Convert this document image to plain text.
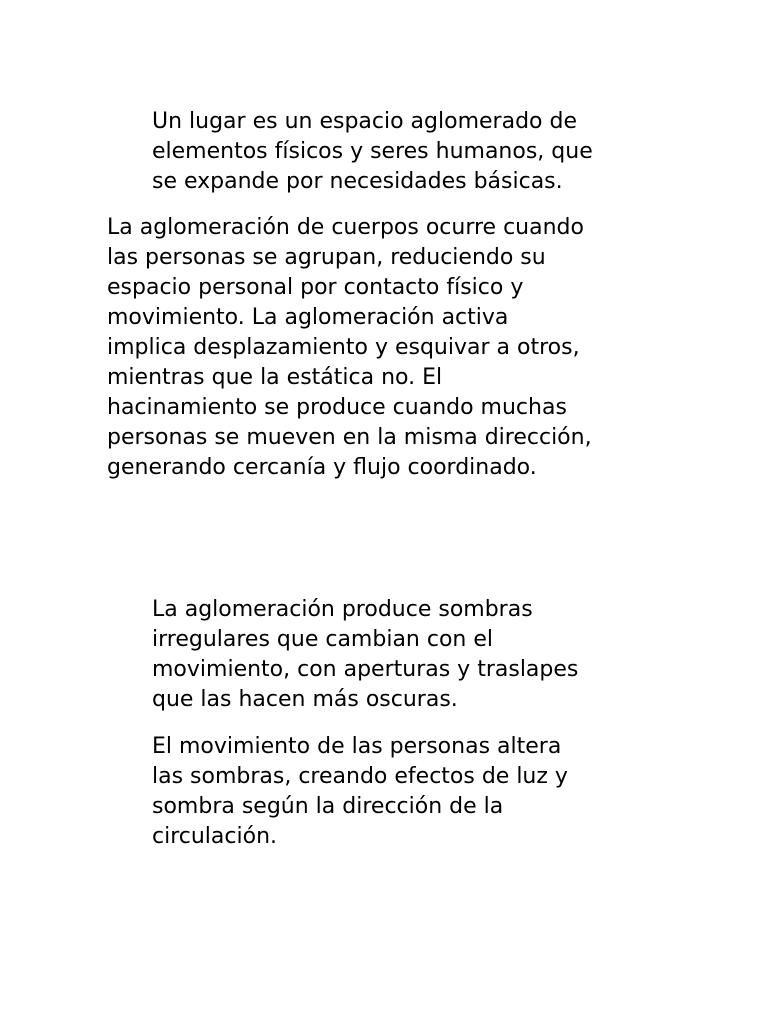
Un lugar es un espacio aglomerado de
elementos físicos y seres humanos, que
se expande por necesidades básicas.

La aglomeración de cuerpos ocurre cuando
las personas se agrupan, reduciendo su
espacio personal por contacto físico y
movimiento. La aglomeración activa
implica desplazamiento y esquivar a otros,
mientras que la estática no. El
hacinamiento se produce cuando muchas
personas se mueven en la misma dirección,
generando cercanía y flujo coordinado.

La aglomeración produce sombras
irregulares que cambian con el
movimiento, con aperturas y traslapes
que las hacen más oscuras.

El movimiento de las personas altera
las sombras, creando efectos de luz y
sombra según la dirección de la
circulación.
